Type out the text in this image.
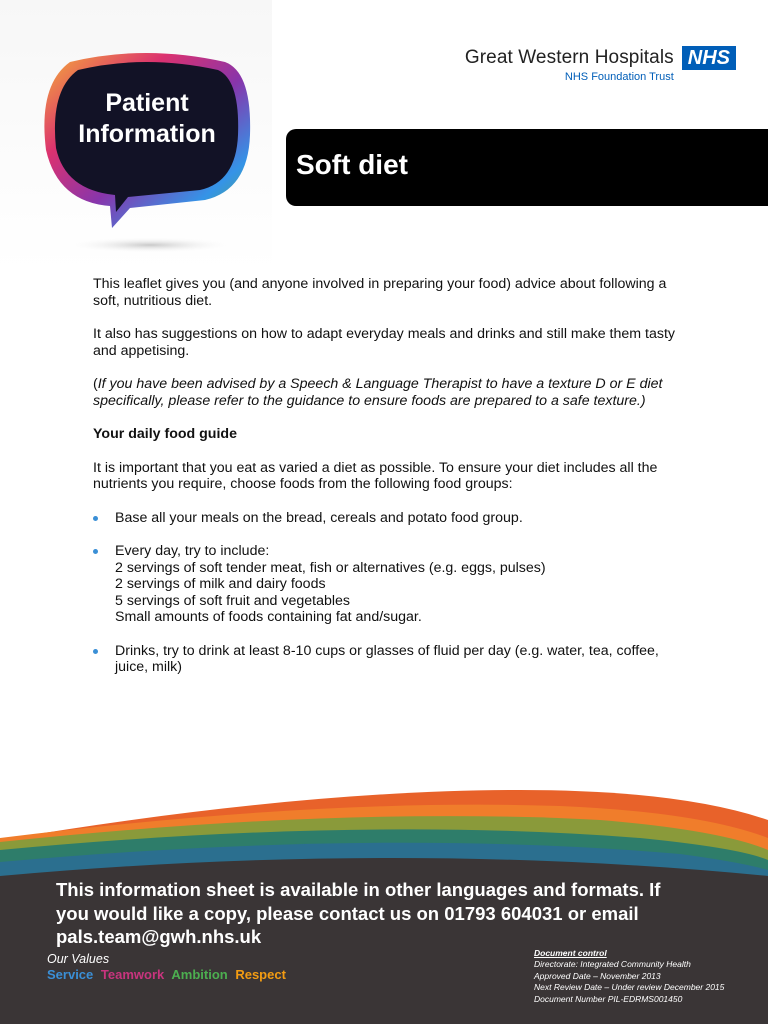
Patient
Information
Great Western Hospitals
NHS Foundation Trust
NHS
Soft diet

This leaflet gives you (and anyone involved in preparing your food) advice about following a soft, nutritious diet.

It also has suggestions on how to adapt everyday meals and drinks and still make them tasty and appetising.

(If you have been advised by a Speech & Language Therapist to have a texture D or E diet specifically, please refer to the guidance to ensure foods are prepared to a safe texture.)

Your daily food guide

It is important that you eat as varied a diet as possible. To ensure your diet includes all the nutrients you require, choose foods from the following food groups:

Base all your meals on the bread, cereals and potato food group.
Every day, try to include:
2 servings of soft tender meat, fish or alternatives (e.g. eggs, pulses)
2 servings of milk and dairy foods
5 servings of soft fruit and vegetables
Small amounts of foods containing fat and/sugar.
Drinks, try to drink at least 8-10 cups or glasses of fluid per day (e.g. water, tea, coffee, juice, milk)
This information sheet is available in other languages and formats. If you would like a copy, please contact us on 01793 604031 or email pals.team@gwh.nhs.uk
Our Values
Service Teamwork Ambition Respect
Document control
Directorate: Integrated Community Health
Approved Date – November 2013
Next Review Date – Under review December 2015
Document Number PIL-EDRMS001450
